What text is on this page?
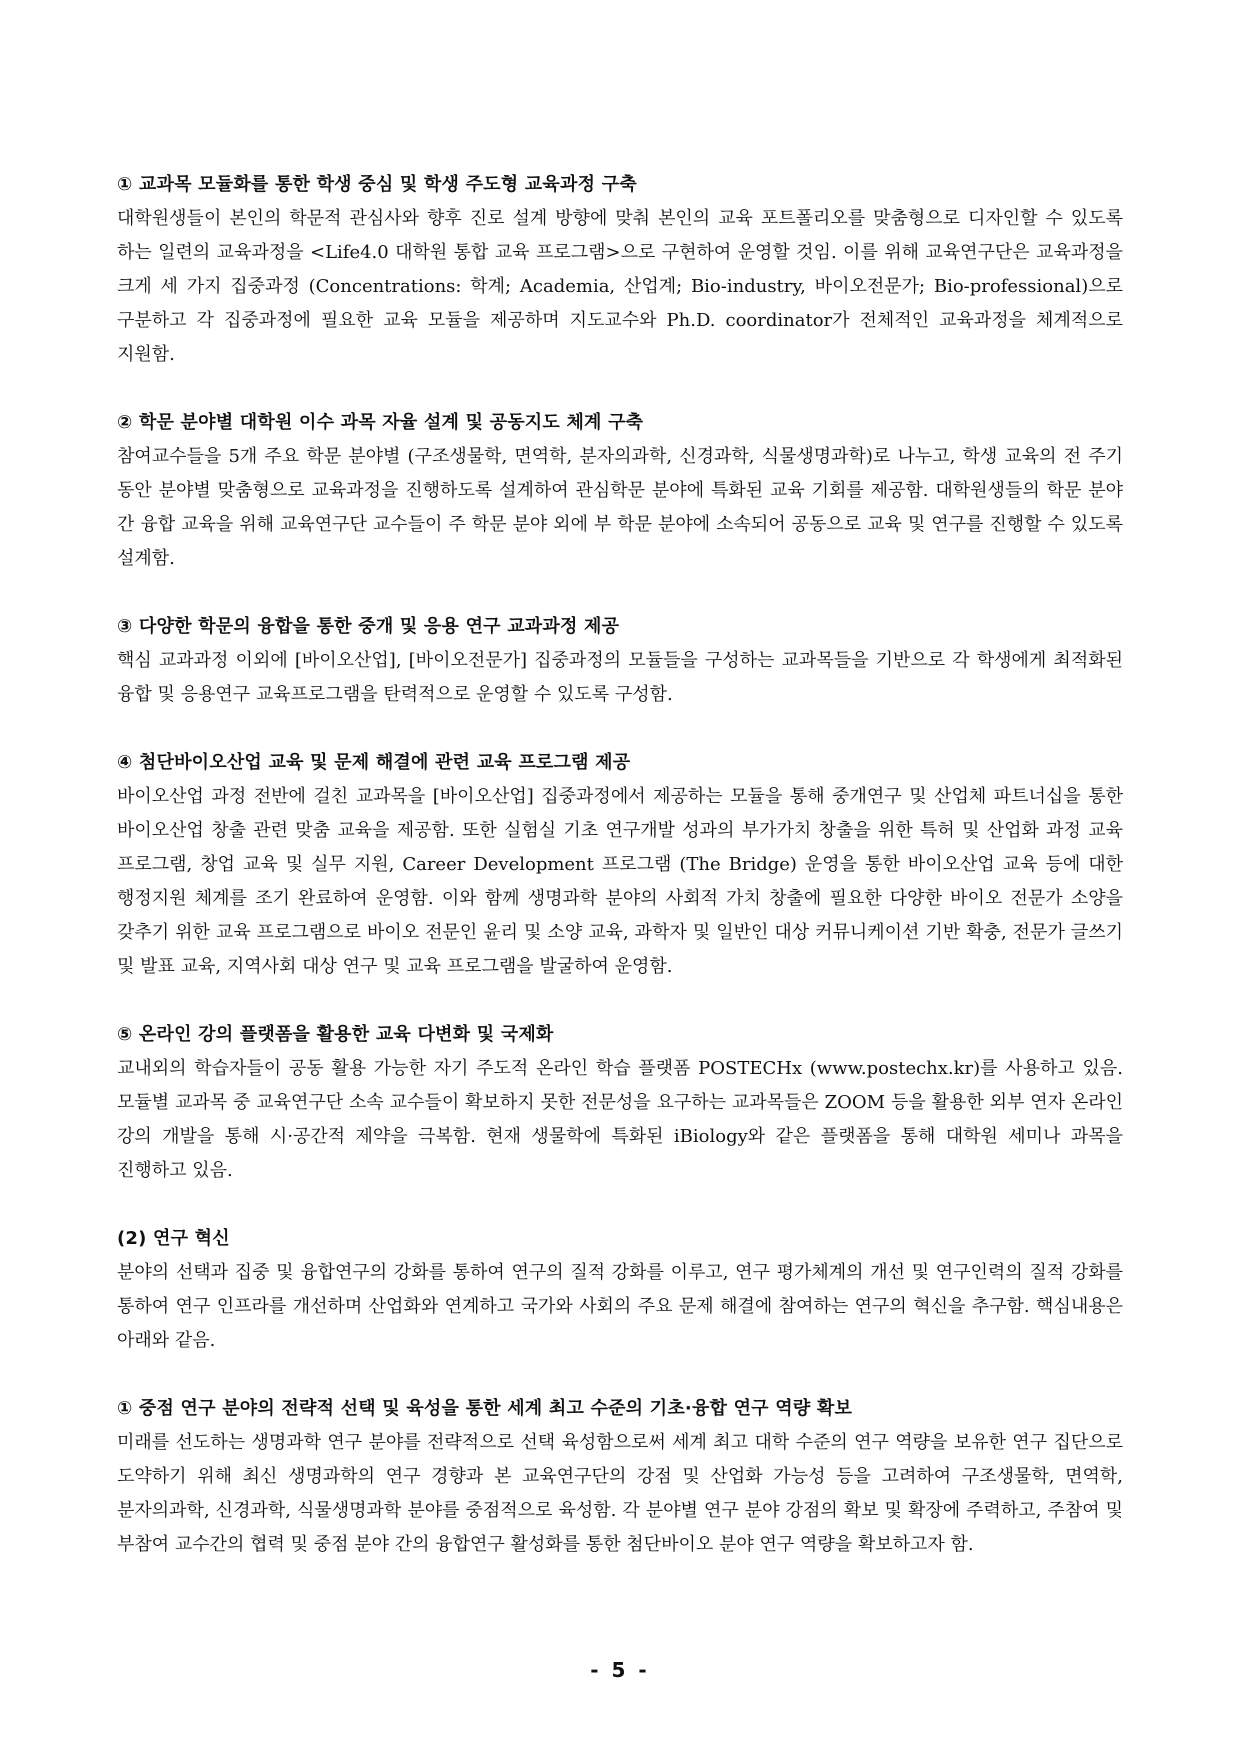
① 교과목 모듈화를 통한 학생 중심 및 학생 주도형 교육과정 구축
대학원생들이 본인의 학문적 관심사와 향후 진로 설계 방향에 맞춰 본인의 교육 포트폴리오를 맞춤형으로 디자인할 수 있도록 하는 일련의 교육과정을 <Life4.0 대학원 통합 교육 프로그램>으로 구현하여 운영할 것임. 이를 위해 교육연구단은 교육과정을 크게 세 가지 집중과정 (Concentrations: 학계; Academia, 산업계; Bio-industry, 바이오전문가; Bio-professional)으로 구분하고 각 집중과정에 필요한 교육 모듈을 제공하며 지도교수와 Ph.D. coordinator가 전체적인 교육과정을 체계적으로 지원함.
② 학문 분야별 대학원 이수 과목 자율 설계 및 공동지도 체계 구축
참여교수들을 5개 주요 학문 분야별 (구조생물학, 면역학, 분자의과학, 신경과학, 식물생명과학)로 나누고, 학생 교육의 전 주기 동안 분야별 맞춤형으로 교육과정을 진행하도록 설계하여 관심학문 분야에 특화된 교육 기회를 제공함. 대학원생들의 학문 분야 간 융합 교육을 위해 교육연구단 교수들이 주 학문 분야 외에 부 학문 분야에 소속되어 공동으로 교육 및 연구를 진행할 수 있도록 설계함.
③ 다양한 학문의 융합을 통한 중개 및 응용 연구 교과과정 제공
핵심 교과과정 이외에 [바이오산업], [바이오전문가] 집중과정의 모듈들을 구성하는 교과목들을 기반으로 각 학생에게 최적화된 융합 및 응용연구 교육프로그램을 탄력적으로 운영할 수 있도록 구성함.
④ 첨단바이오산업 교육 및 문제 해결에 관련 교육 프로그램 제공
바이오산업 과정 전반에 걸친 교과목을 [바이오산업] 집중과정에서 제공하는 모듈을 통해 중개연구 및 산업체 파트너십을 통한 바이오산업 창출 관련 맞춤 교육을 제공함. 또한 실험실 기초 연구개발 성과의 부가가치 창출을 위한 특허 및 산업화 과정 교육 프로그램, 창업 교육 및 실무 지원, Career Development 프로그램 (The Bridge) 운영을 통한 바이오산업 교육 등에 대한 행정지원 체계를 조기 완료하여 운영함. 이와 함께 생명과학 분야의 사회적 가치 창출에 필요한 다양한 바이오 전문가 소양을 갖추기 위한 교육 프로그램으로 바이오 전문인 윤리 및 소양 교육, 과학자 및 일반인 대상 커뮤니케이션 기반 확충, 전문가 글쓰기 및 발표 교육, 지역사회 대상 연구 및 교육 프로그램을 발굴하여 운영함.
⑤ 온라인 강의 플랫폼을 활용한 교육 다변화 및 국제화
교내외의 학습자들이 공동 활용 가능한 자기 주도적 온라인 학습 플랫폼 POSTECHx (www.postechx.kr)를 사용하고 있음. 모듈별 교과목 중 교육연구단 소속 교수들이 확보하지 못한 전문성을 요구하는 교과목들은 ZOOM 등을 활용한 외부 연자 온라인 강의 개발을 통해 시·공간적 제약을 극복함. 현재 생물학에 특화된 iBiology와 같은 플랫폼을 통해 대학원 세미나 과목을 진행하고 있음.
(2) 연구 혁신
분야의 선택과 집중 및 융합연구의 강화를 통하여 연구의 질적 강화를 이루고, 연구 평가체계의 개선 및 연구인력의 질적 강화를 통하여 연구 인프라를 개선하며 산업화와 연계하고 국가와 사회의 주요 문제 해결에 참여하는 연구의 혁신을 추구함. 핵심내용은 아래와 같음.
① 중점 연구 분야의 전략적 선택 및 육성을 통한 세계 최고 수준의 기초·융합 연구 역량 확보
미래를 선도하는 생명과학 연구 분야를 전략적으로 선택 육성함으로써 세계 최고 대학 수준의 연구 역량을 보유한 연구 집단으로 도약하기 위해 최신 생명과학의 연구 경향과 본 교육연구단의 강점 및 산업화 가능성 등을 고려하여 구조생물학, 면역학, 분자의과학, 신경과학, 식물생명과학 분야를 중점적으로 육성함. 각 분야별 연구 분야 강점의 확보 및 확장에 주력하고, 주참여 및 부참여 교수간의 협력 및 중점 분야 간의 융합연구 활성화를 통한 첨단바이오 분야 연구 역량을 확보하고자 함.
- 5 -
